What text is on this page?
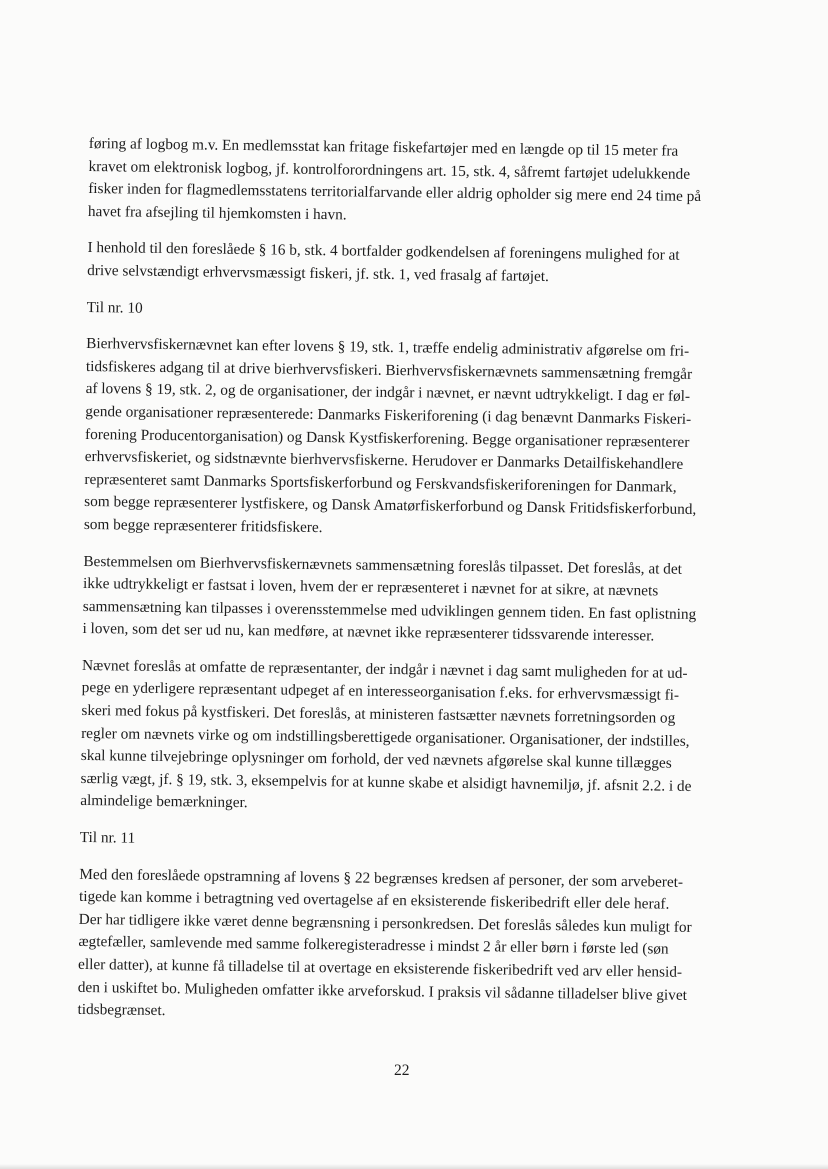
føring af logbog m.v. En medlemsstat kan fritage fiskefartøjer med en længde op til 15 meter fra
kravet om elektronisk logbog, jf. kontrolforordningens art. 15, stk. 4, såfremt fartøjet udelukkende
fisker inden for flagmedlemsstatens territorialfarvande eller aldrig opholder sig mere end 24 time på
havet fra afsejling til hjemkomsten i havn.

I henhold til den foreslåede § 16 b, stk. 4 bortfalder godkendelsen af foreningens mulighed for at
drive selvstændigt erhvervsmæssigt fiskeri, jf. stk. 1, ved frasalg af fartøjet.

Til nr. 10

Bierhvervsfiskernævnet kan efter lovens § 19, stk. 1, træffe endelig administrativ afgørelse om fri-
tidsfiskeres adgang til at drive bierhvervsfiskeri. Bierhvervsfiskernævnets sammensætning fremgår
af lovens § 19, stk. 2, og de organisationer, der indgår i nævnet, er nævnt udtrykkeligt. I dag er føl-
gende organisationer repræsenterede: Danmarks Fiskeriforening (i dag benævnt Danmarks Fiskeri-
forening Producentorganisation) og Dansk Kystfiskerforening. Begge organisationer repræsenterer
erhvervsfiskeriet, og sidstnævnte bierhvervsfiskerne. Herudover er Danmarks Detailfiskehandlere
repræsenteret samt Danmarks Sportsfiskerforbund og Ferskvandsfiskeriforeningen for Danmark,
som begge repræsenterer lystfiskere, og Dansk Amatørfiskerforbund og Dansk Fritidsfiskerforbund,
som begge repræsenterer fritidsfiskere.

Bestemmelsen om Bierhvervsfiskernævnets sammensætning foreslås tilpasset. Det foreslås, at det
ikke udtrykkeligt er fastsat i loven, hvem der er repræsenteret i nævnet for at sikre, at nævnets
sammensætning kan tilpasses i overensstemmelse med udviklingen gennem tiden. En fast oplistning
i loven, som det ser ud nu, kan medføre, at nævnet ikke repræsenterer tidssvarende interesser.

Nævnet foreslås at omfatte de repræsentanter, der indgår i nævnet i dag samt muligheden for at ud-
pege en yderligere repræsentant udpeget af en interesseorganisation f.eks. for erhvervsmæssigt fi-
skeri med fokus på kystfiskeri. Det foreslås, at ministeren fastsætter nævnets forretningsorden og
regler om nævnets virke og om indstillingsberettigede organisationer. Organisationer, der indstilles,
skal kunne tilvejebringe oplysninger om forhold, der ved nævnets afgørelse skal kunne tillægges
særlig vægt, jf. § 19, stk. 3, eksempelvis for at kunne skabe et alsidigt havnemiljø, jf. afsnit 2.2. i de
almindelige bemærkninger.

Til nr. 11

Med den foreslåede opstramning af lovens § 22 begrænses kredsen af personer, der som arveberet-
tigede kan komme i betragtning ved overtagelse af en eksisterende fiskeribedrift eller dele heraf.
Der har tidligere ikke været denne begrænsning i personkredsen. Det foreslås således kun muligt for
ægtefæller, samlevende med samme folkeregisteradresse i mindst 2 år eller børn i første led (søn
eller datter), at kunne få tilladelse til at overtage en eksisterende fiskeribedrift ved arv eller hensid-
den i uskiftet bo. Muligheden omfatter ikke arveforskud. I praksis vil sådanne tilladelser blive givet
tidsbegrænset.

22
